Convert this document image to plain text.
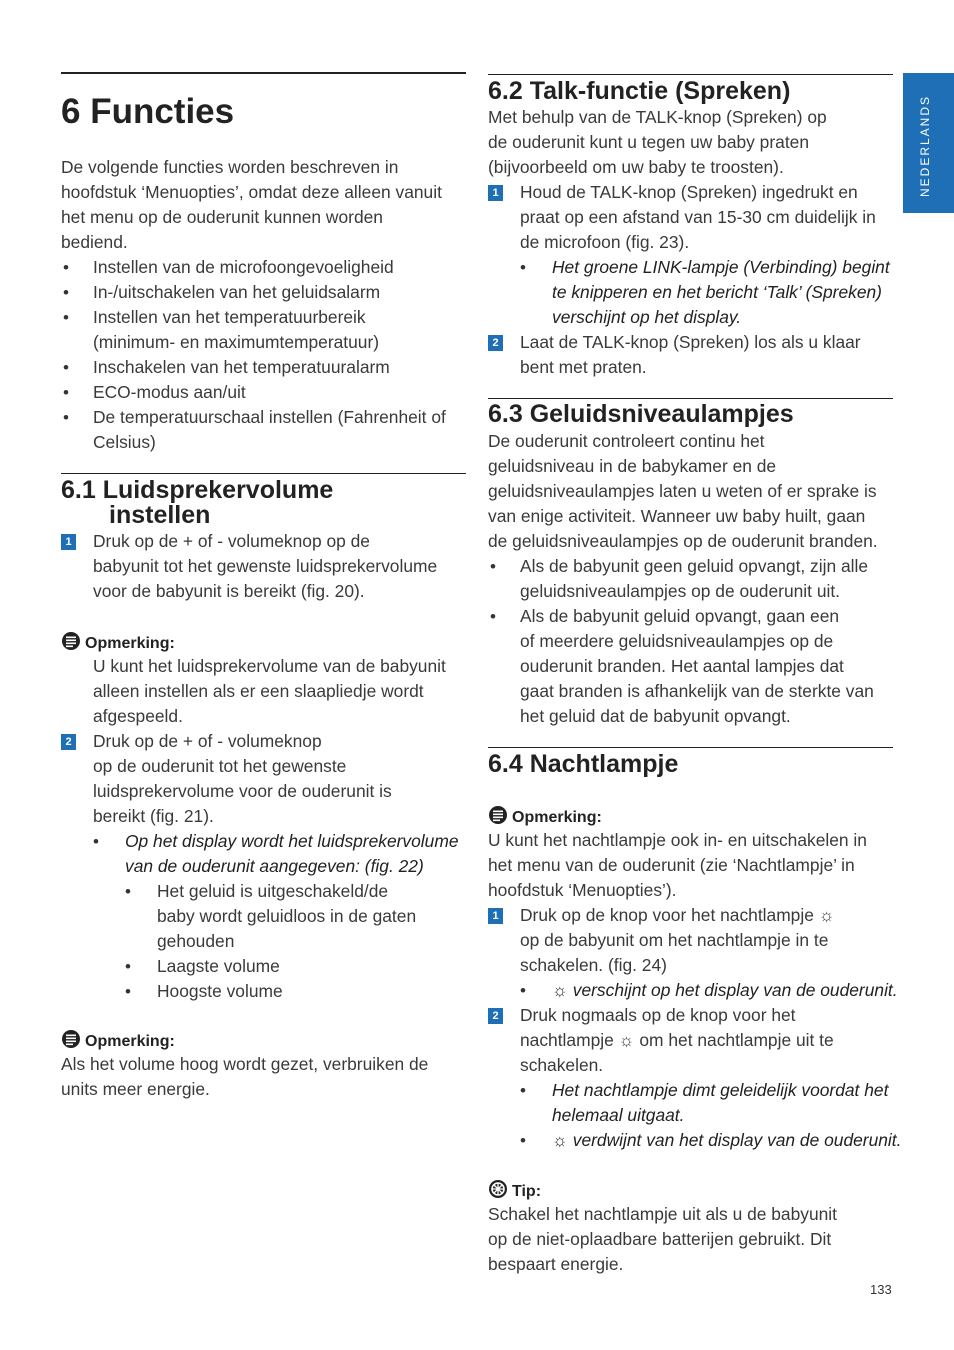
NEDERLANDS
6 Functies
De volgende functies worden beschreven in
hoofdstuk ‘Menuopties’, omdat deze alleen vanuit
het menu op de ouderunit kunnen worden
bediend.
• Instellen van de microfoongevoeligheid
• In-/uitschakelen van het geluidsalarm
• Instellen van het temperatuurbereik
(minimum- en maximumtemperatuur)
• Inschakelen van het temperatuuralarm
• ECO-modus aan/uit
• De temperatuurschaal instellen (Fahrenheit of
Celsius)
6.1 Luidsprekervolume
instellen
1 Druk op de + of - volumeknop op de
babyunit tot het gewenste luidsprekervolume
voor de babyunit is bereikt (fig. 20).
Opmerking:
U kunt het luidsprekervolume van de babyunit
alleen instellen als er een slaapliedje wordt
afgespeeld.
2 Druk op de + of - volumeknop
op de ouderunit tot het gewenste
luidsprekervolume voor de ouderunit is
bereikt (fig. 21).
• Op het display wordt het luidsprekervolume
van de ouderunit aangegeven: (fig. 22)
• Het geluid is uitgeschakeld/de
baby wordt geluidloos in de gaten
gehouden
• Laagste volume
• Hoogste volume
Opmerking:
Als het volume hoog wordt gezet, verbruiken de
units meer energie.
6.2 Talk-functie (Spreken)
Met behulp van de TALK-knop (Spreken) op
de ouderunit kunt u tegen uw baby praten
(bijvoorbeeld om uw baby te troosten).
1 Houd de TALK-knop (Spreken) ingedrukt en
praat op een afstand van 15-30 cm duidelijk in
de microfoon (fig. 23).
• Het groene LINK-lampje (Verbinding) begint
te knipperen en het bericht ‘Talk’ (Spreken)
verschijnt op het display.
2 Laat de TALK-knop (Spreken) los als u klaar
bent met praten.
6.3 Geluidsniveaulampjes
De ouderunit controleert continu het
geluidsniveau in de babykamer en de
geluidsniveaulampjes laten u weten of er sprake is
van enige activiteit. Wanneer uw baby huilt, gaan
de geluidsniveaulampjes op de ouderunit branden.
• Als de babyunit geen geluid opvangt, zijn alle
geluidsniveaulampjes op de ouderunit uit.
• Als de babyunit geluid opvangt, gaan een
of meerdere geluidsniveaulampjes op de
ouderunit branden. Het aantal lampjes dat
gaat branden is afhankelijk van de sterkte van
het geluid dat de babyunit opvangt.
6.4 Nachtlampje
Opmerking:
U kunt het nachtlampje ook in- en uitschakelen in
het menu van de ouderunit (zie ‘Nachtlampje’ in
hoofdstuk ‘Menuopties’).
1 Druk op de knop voor het nachtlampje ☼
op de babyunit om het nachtlampje in te
schakelen. (fig. 24)
• ☼ verschijnt op het display van de ouderunit.
2 Druk nogmaals op de knop voor het
nachtlampje ☼ om het nachtlampje uit te
schakelen.
• Het nachtlampje dimt geleidelijk voordat het
helemaal uitgaat.
• ☼ verdwijnt van het display van de ouderunit.
Tip:
Schakel het nachtlampje uit als u de babyunit
op de niet-oplaadbare batterijen gebruikt. Dit
bespaart energie.
133
